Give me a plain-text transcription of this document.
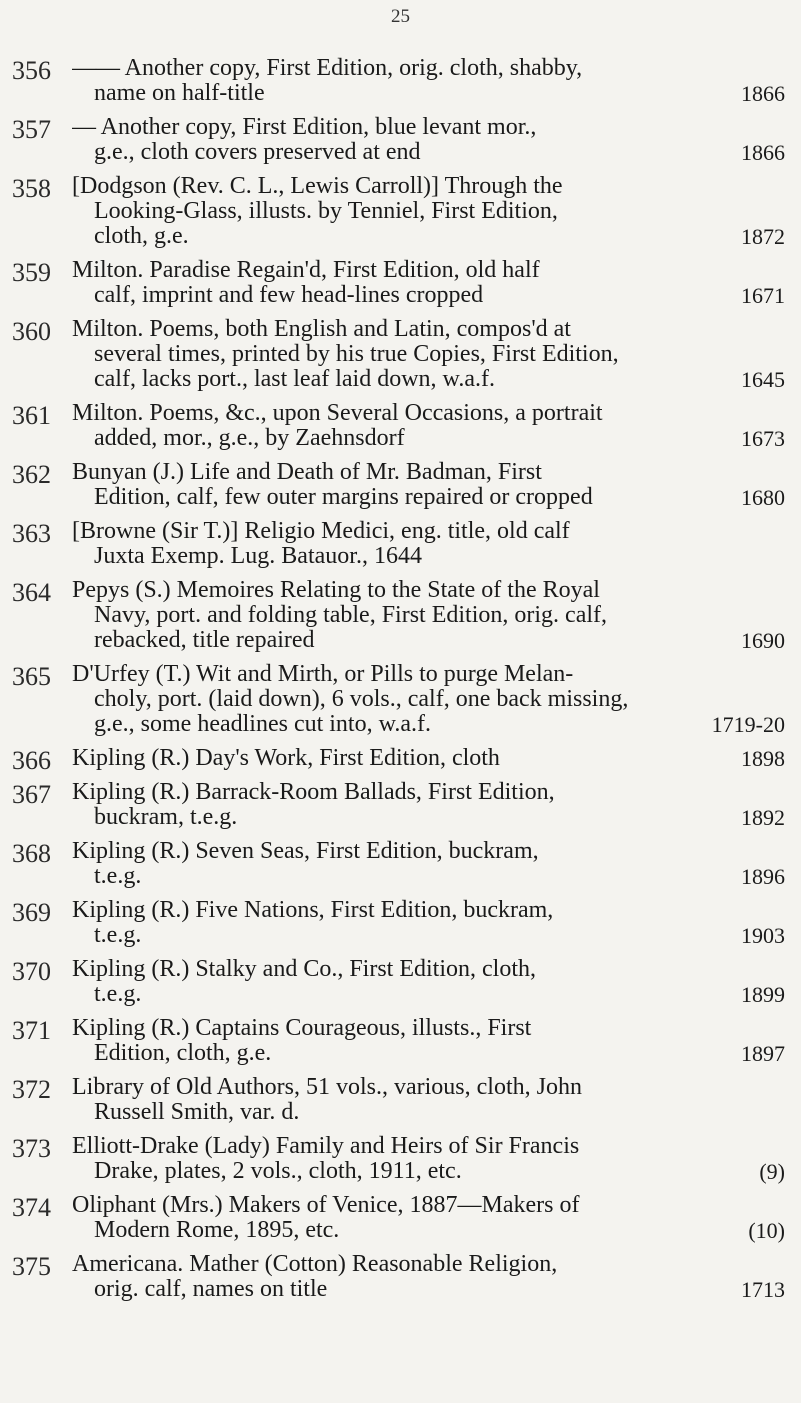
25
356 —— Another copy, First Edition, orig. cloth, shabby,
name on half-title	1866
357 — Another copy, First Edition, blue levant mor.,
g.e., cloth covers preserved at end	1866
358 [Dodgson (Rev. C. L., Lewis Carroll)] Through the
Looking-Glass, illusts. by Tenniel, First Edition,
cloth, g.e.	1872
359 Milton. Paradise Regain'd, First Edition, old half
calf, imprint and few head-lines cropped	1671
360 Milton. Poems, both English and Latin, compos'd at
several times, printed by his true Copies, First Edition,
calf, lacks port., last leaf laid down, w.a.f.	1645
361 Milton. Poems, &c., upon Several Occasions, a portrait
added, mor., g.e., by Zaehnsdorf	1673
362 Bunyan (J.) Life and Death of Mr. Badman, First
Edition, calf, few outer margins repaired or cropped	1680
363 [Browne (Sir T.)] Religio Medici, eng. title, old calf
Juxta Exemp. Lug. Batauor., 1644
364 Pepys (S.) Memoires Relating to the State of the Royal
Navy, port. and folding table, First Edition, orig. calf,
rebacked, title repaired	1690
365 D'Urfey (T.) Wit and Mirth, or Pills to purge Melan-
choly, port. (laid down), 6 vols., calf, one back missing,
g.e., some headlines cut into, w.a.f.	1719-20
366 Kipling (R.) Day's Work, First Edition, cloth	1898
367 Kipling (R.) Barrack-Room Ballads, First Edition,
buckram, t.e.g.	1892
368 Kipling (R.) Seven Seas, First Edition, buckram,
t.e.g.	1896
369 Kipling (R.) Five Nations, First Edition, buckram,
t.e.g.	1903
370 Kipling (R.) Stalky and Co., First Edition, cloth,
t.e.g.	1899
371 Kipling (R.) Captains Courageous, illusts., First
Edition, cloth, g.e.	1897
372 Library of Old Authors, 51 vols., various, cloth, John
Russell Smith, var. d.
373 Elliott-Drake (Lady) Family and Heirs of Sir Francis
Drake, plates, 2 vols., cloth, 1911, etc.	(9)
374 Oliphant (Mrs.) Makers of Venice, 1887—Makers of
Modern Rome, 1895, etc.	(10)
375 Americana. Mather (Cotton) Reasonable Religion,
orig. calf, names on title	1713
